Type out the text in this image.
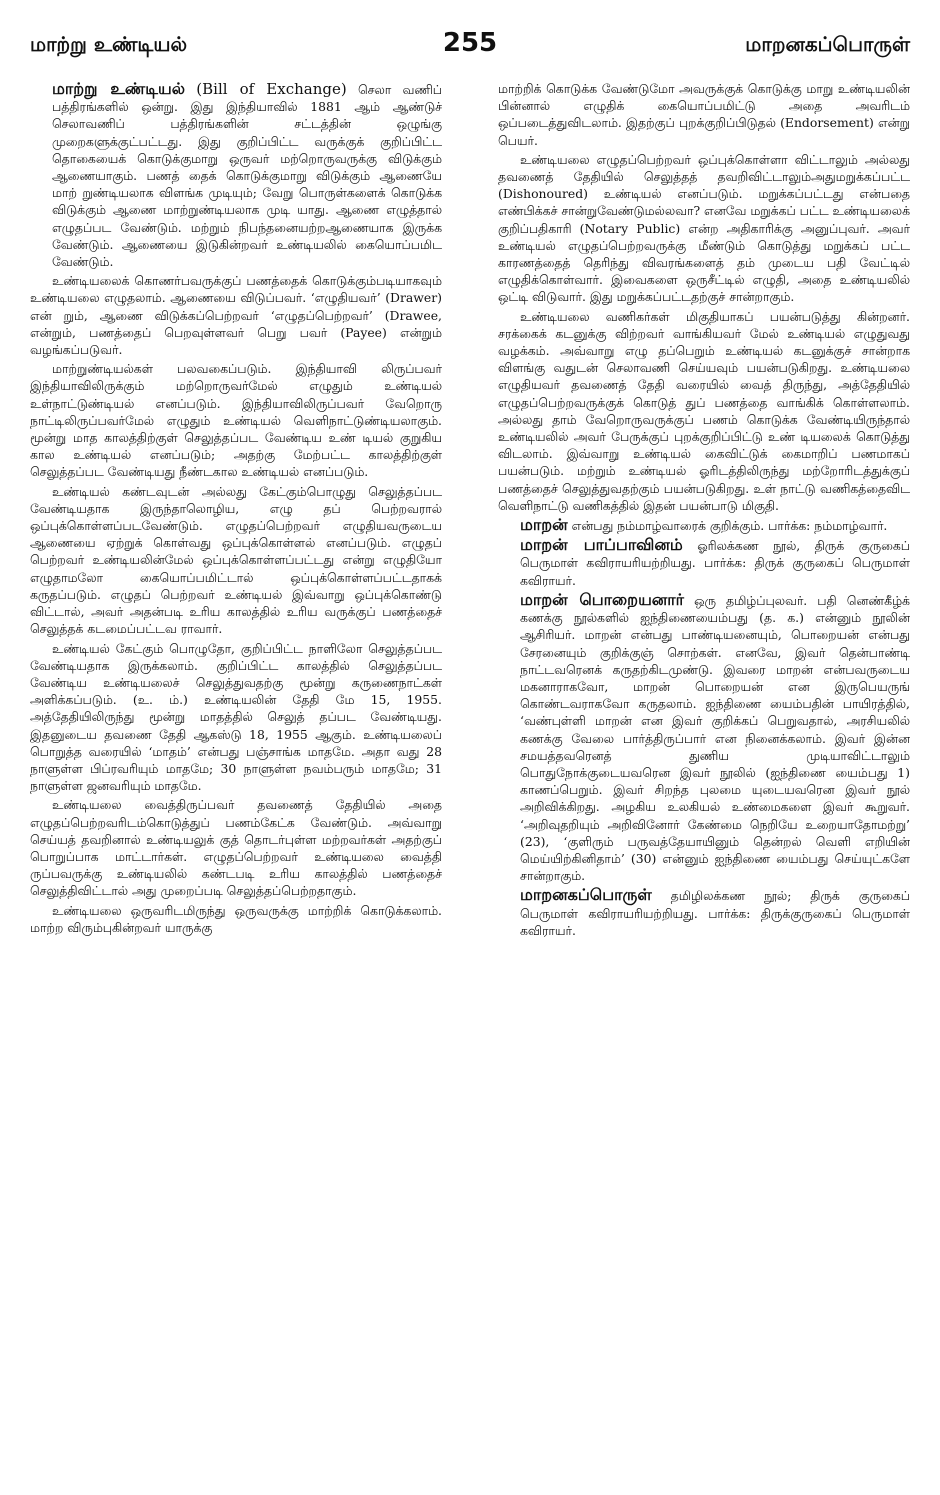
மாற்று உண்டியல்	255	மாறனகப்பொருள்

மாற்று உண்டியல் (Bill of Exchange) செலா வணிப் பத்திரங்களில் ஒன்று. இது இந்தியாவில் 1881 ஆம் ஆண்டுச் செலாவணிப் பத்திரங்களின் சட்டத்தின் ஒழுங்கு முறைகளுக்குட்பட்டது. இது குறிப்பிட்ட வருக்குக் குறிப்பிட்ட தொகையைக் கொடுக்குமாறு ஒருவர் மற்றொருவருக்கு விடுக்கும் ஆணையாகும். பணத் தைக் கொடுக்குமாறு விடுக்கும் ஆணையே மாற் றுண்டியலாக விளங்க முடியும்; வேறு பொருள்களைக் கொடுக்க விடுக்கும் ஆணை மாற்றுண்டியலாக முடி யாது. ஆணை எழுத்தால் எழுதப்பட வேண்டும். மற்றும் நிபந்தனையற்றஆணையாக இருக்க வேண்டும். ஆணையை இடுகின்றவர் உண்டியலில் கையொப்பமிட வேண்டும்.

உண்டியலைக் கொணர்பவருக்குப் பணத்தைக் கொடுக்கும்படியாகவும் உண்டியலை எழுதலாம். ஆணையை விடுப்பவர். ‘எழுதியவர்’ (Drawer) என் றும், ஆணை விடுக்கப்பெற்றவர் ‘எழுதப்பெற்றவர்’ (Drawee, என்றும், பணத்தைப் பெறவுள்ளவர் பெறு பவர் (Payee) என்றும் வழங்கப்படுவர்.

மாற்றுண்டியல்கள் பலவகைப்படும். இந்தியாவி லிருப்பவர் இந்தியாவிலிருக்கும் மற்றொருவர்மேல் எழுதும் உண்டியல் உள்நாட்டுண்டியல் எனப்படும். இந்தியாவிலிருப்பவர் வேறொரு நாட்டிலிருப்பவர்மேல் எழுதும் உண்டியல் வெளிநாட்டுண்டியலாகும். மூன்று மாத காலத்திற்குள் செலுத்தப்பட வேண்டிய உண் டியல் குறுகிய கால உண்டியல் எனப்படும்; அதற்கு மேற்பட்ட காலத்திற்குள் செலுத்தப்பட வேண்டியது நீண்டகால உண்டியல் எனப்படும்.

உண்டியல் கண்டவுடன் அல்லது கேட்கும்பொழுது செலுத்தப்பட வேண்டியதாக இருந்தாலொழிய, எழு தப் பெற்றவரால் ஒப்புக்கொள்ளப்படவேண்டும். எழுதப்பெற்றவர் எழுதியவருடைய ஆணையை ஏற்றுக் கொள்வது ஒப்புக்கொள்ளல் எனப்படும். எழுதப் பெற்றவர் உண்டியலின்மேல் ஒப்புக்கொள்ளப்பட்டது என்று எழுதியோ எழுதாமலோ கையொப்பமிட்டால் ஒப்புக்கொள்ளப்பட்டதாகக் கருதப்படும். எழுதப் பெற்றவர் உண்டியல் இவ்வாறு ஒப்புக்கொண்டு விட்டால், அவர் அதன்படி உரிய காலத்தில் உரிய வருக்குப் பணத்தைச் செலுத்தக் கடமைப்பட்டவ ராவார்.

உண்டியல் கேட்கும் பொழுதோ, குறிப்பிட்ட நாளிலோ செலுத்தப்பட வேண்டியதாக இருக்கலாம். குறிப்பிட்ட காலத்தில் செலுத்தப்பட வேண்டிய உண்டியலைச் செலுத்துவதற்கு மூன்று கருணைநாட்கள் அளிக்கப்படும். (உ. ம்.) உண்டியலின் தேதி மே 15, 1955. அத்தேதியிலிருந்து மூன்று மாதத்தில் செலுத் தப்பட வேண்டியது. இதனுடைய தவணை தேதி ஆகஸ்டு 18, 1955 ஆகும். உண்டியலைப் பொறுத்த வரையில் ‘மாதம்’ என்பது பஞ்சாங்க மாதமே. அதா வது 28 நாளுள்ள பிப்ரவரியும் மாதமே; 30 நாளுள்ள நவம்பரும் மாதமே; 31 நாளுள்ள ஜனவரியும் மாதமே.

உண்டியலை வைத்திருப்பவர் தவணைத் தேதியில் அதை எழுதப்பெற்றவரிடம்கொடுத்துப் பணம்கேட்க வேண்டும். அவ்வாறு செய்யத் தவறினால் உண்டியலுக் குத் தொடர்புள்ள மற்றவர்கள் அதற்குப் பொறுப்பாக மாட்டார்கள். எழுதப்பெற்றவர் உண்டியலை வைத்தி ருப்பவருக்கு உண்டியலில் கண்டபடி உரிய காலத்தில் பணத்தைச் செலுத்திவிட்டால் அது முறைப்படி செலுத்தப்பெற்றதாகும்.

உண்டியலை ஒருவரிடமிருந்து ஒருவருக்கு மாற்றிக் கொடுக்கலாம். மாற்ற விரும்புகின்றவர் யாருக்கு

மாற்றிக் கொடுக்க வேண்டுமோ அவருக்குக் கொடுக்கு மாறு உண்டியலின் பின்னால் எழுதிக் கையொப்பமிட்டு அதை அவரிடம் ஒப்படைத்துவிடலாம். இதற்குப் புறக்குறிப்பிடுதல் (Endorsement) என்று பெயர்.

உண்டியலை எழுதப்பெற்றவர் ஒப்புக்கொள்ளா விட்டாலும் அல்லது தவணைத் தேதியில் செலுத்தத் தவறிவிட்டாலும்அதுமறுக்கப்பட்ட (Dishonoured) உண்டியல் எனப்படும். மறுக்கப்பட்டது என்பதை எண்பிக்கச் சான்றுவேண்டுமல்லவா? எனவே மறுக்கப் பட்ட உண்டியலைக் குறிப்பதிகாரி (Notary Public) என்ற அதிகாரிக்கு அனுப்புவர். அவர் உண்டியல் எழுதப்பெற்றவருக்கு மீண்டும் கொடுத்து மறுக்கப் பட்ட காரணத்தைத் தெரிந்து விவரங்களைத் தம் முடைய பதி வேட்டில் எழுதிக்கொள்வார். இவைகளை ஒருசீட்டில் எழுதி, அதை உண்டியலில் ஒட்டி விடுவார். இது மறுக்கப்பட்டதற்குச் சான்றாகும்.

உண்டியலை வணிகர்கள் மிகுதியாகப் பயன்படுத்து கின்றனர். சரக்கைக் கடனுக்கு விற்றவர் வாங்கியவர் மேல் உண்டியல் எழுதுவது வழக்கம். அவ்வாறு எழு தப்பெறும் உண்டியல் கடனுக்குச் சான்றாக விளங்கு வதுடன் செலாவணி செய்யவும் பயன்படுகிறது. உண்டியலை எழுதியவர் தவணைத் தேதி வரையில் வைத் திருந்து, அத்தேதியில் எழுதப்பெற்றவருக்குக் கொடுத் துப் பணத்தை வாங்கிக் கொள்ளலாம். அல்லது தாம் வேறொருவருக்குப் பணம் கொடுக்க வேண்டியிருந்தால் உண்டியலில் அவர் பேருக்குப் புறக்குறிப்பிட்டு உண் டியலைக் கொடுத்து விடலாம். இவ்வாறு உண்டியல் கைவிட்டுக் கைமாறிப் பணமாகப் பயன்படும். மற்றும் உண்டியல் ஓரிடத்திலிருந்து மற்றோரிடத்துக்குப் பணத்தைச் செலுத்துவதற்கும் பயன்படுகிறது. உள் நாட்டு வணிகத்தைவிட வெளிநாட்டு வணிகத்தில் இதன் பயன்பாடு மிகுதி.

மாறன் என்பது நம்மாழ்வாரைக் குறிக்கும். பார்க்க: நம்மாழ்வார்.

மாறன் பாப்பாவினம் ஓரிலக்கண நூல், திருக் குருகைப் பெருமாள் கவிராயரியற்றியது. பார்க்க: திருக் குருகைப் பெருமாள் கவிராயர்.

மாறன் பொறையனார் ஒரு தமிழ்ப்புலவர். பதி னெண்கீழ்க் கணக்கு நூல்களில் ஐந்திணையைம்பது (த. க.) என்னும் நூலின் ஆசிரியர். மாறன் என்பது பாண்டியனையும், பொறையன் என்பது சேரனையும் குறிக்குஞ் சொற்கள். எனவே, இவர் தென்பாண்டி நாட்டவரெனக் கருதற்கிடமுண்டு. இவரை மாறன் என்பவருடைய மகனாராகவோ, மாறன் பொறையன் என இருபெயருங் கொண்டவராகவோ கருதலாம். ஐந்திணை யைம்பதின் பாயிரத்தில், ‘வண்புள்ளி மாறன் என இவர் குறிக்கப் பெறுவதால், அரசியலில் கணக்கு வேலை பார்த்திருப்பார் என நினைக்கலாம். இவர் இன்ன சமயத்தவரெனத் துணிய முடியாவிட்டாலும் பொதுநோக்குடையவரென இவர் நூலில் (ஐந்திணை யைம்பது 1) காணப்பெறும். இவர் சிறந்த புலமை யுடையவரென இவர் நூல் அறிவிக்கிறது. அழகிய உலகியல் உண்மைகளை இவர் கூறுவர். ‘அறிவுதறியும் அறிவினோர் கேண்மை நெறியே உறையாதோமற்று’ (23), ‘குளிரும் பருவத்தேயாயினும் தென்றல் வெளி எறியின் மெய்யிற்கினிதாம்’ (30) என்னும் ஐந்திணை யைம்பது செய்யுட்களே சான்றாகும்.

மாறனகப்பொருள் தமிழிலக்கண நூல்; திருக் குருகைப் பெருமாள் கவிராயரியற்றியது. பார்க்க: திருக்குருகைப் பெருமாள் கவிராயர்.
